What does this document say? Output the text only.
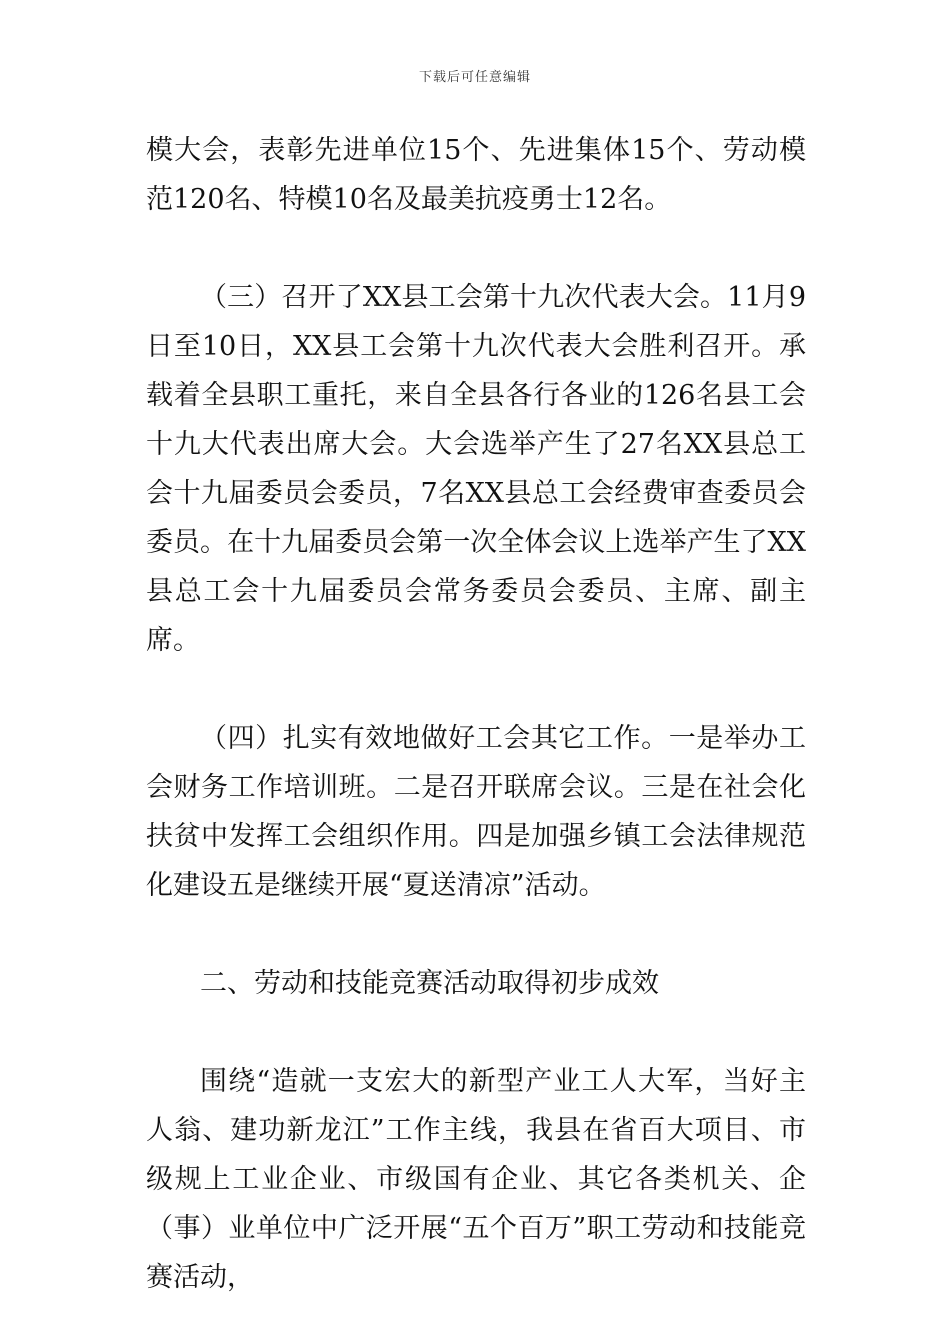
下载后可任意编辑

模大会，表彰先进单位15个、先进集体15个、劳动模范120名、特模10名及最美抗疫勇士12名。

（三）召开了XX县工会第十九次代表大会。11月9日至10日，XX县工会第十九次代表大会胜利召开。承载着全县职工重托，来自全县各行各业的126名县工会十九大代表出席大会。大会选举产生了27名XX县总工会十九届委员会委员，7名XX县总工会经费审查委员会委员。在十九届委员会第一次全体会议上选举产生了XX县总工会十九届委员会常务委员会委员、主席、副主席。

（四）扎实有效地做好工会其它工作。一是举办工会财务工作培训班。二是召开联席会议。三是在社会化扶贫中发挥工会组织作用。四是加强乡镇工会法律规范化建设五是继续开展“夏送清凉”活动。

二、劳动和技能竞赛活动取得初步成效

围绕“造就一支宏大的新型产业工人大军，当好主人翁、建功新龙江”工作主线，我县在省百大项目、市级规上工业企业、市级国有企业、其它各类机关、企（事）业单位中广泛开展“五个百万”职工劳动和技能竞赛活动，
